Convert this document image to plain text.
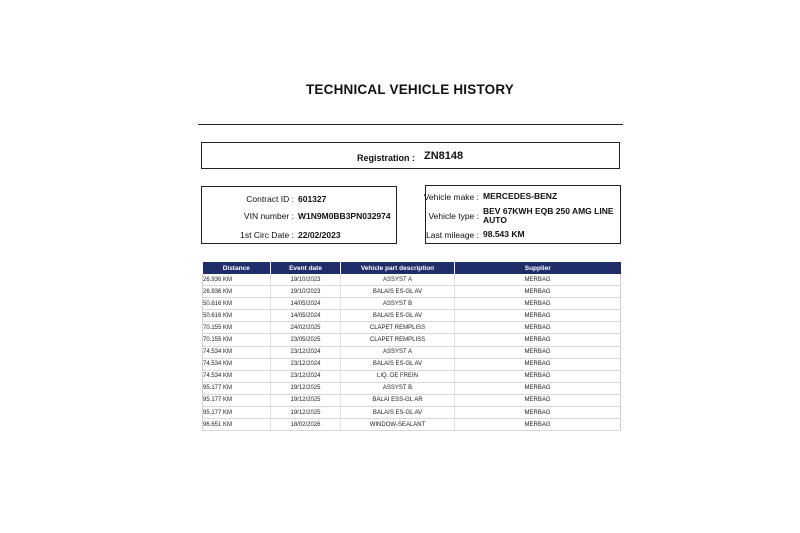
TECHNICAL VEHICLE HISTORY
Registration : ZN8148
Contract ID : 601327
VIN number : W1N9M0BB3PN032974
1st Circ Date : 22/02/2023
Vehicle make : MERCEDES-BENZ
Vehicle type : BEV 67KWH EQB 250 AMG LINE
AUTO
Last mileage : 98.543 KM
Distance	Event date	Vehicle part description	Supplier
26.936 KM	19/10/2023	ASSYST A	MERBAG
26.936 KM	19/10/2023	BALAIS ES-GL AV	MERBAG
50.616 KM	14/05/2024	ASSYST B	MERBAG
50.616 KM	14/05/2024	BALAIS ES-GL AV	MERBAG
70.155 KM	24/02/2025	CLAPET REMPLISS	MERBAG
70.155 KM	23/05/2025	CLAPET REMPLISS	MERBAG
74.534 KM	23/12/2024	ASSYST A	MERBAG
74.534 KM	23/12/2024	BALAIS ES-GL AV	MERBAG
74.534 KM	23/12/2024	LIQ. DE FREIN	MERBAG
95.177 KM	19/12/2025	ASSYST B	MERBAG
95.177 KM	19/12/2025	BALAI ESS-GL AR	MERBAG
95.177 KM	19/12/2025	BALAIS ES-GL AV	MERBAG
96.651 KM	18/02/2026	WINDOW-SEALANT	MERBAG
